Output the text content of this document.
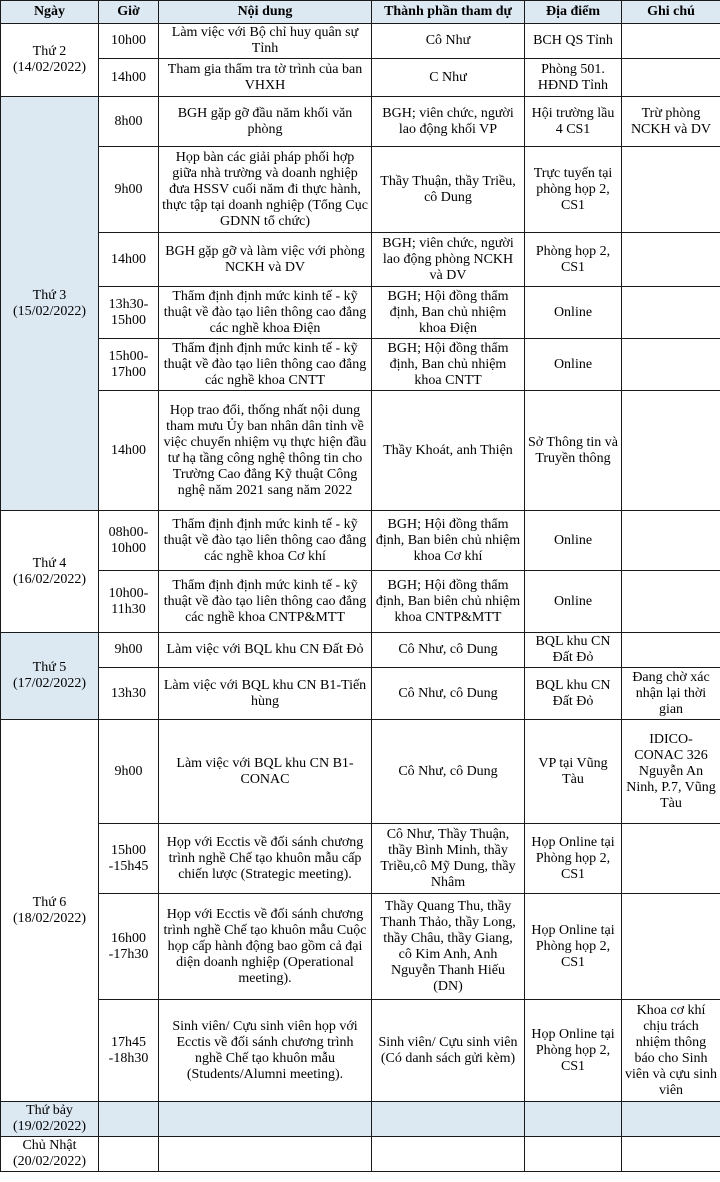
Ngày	Giờ	Nội dung	Thành phần tham dự	Địa điểm	Ghi chú

Thứ 2
(14/02/2022)	10h00	Làm việc với Bộ chỉ huy quân sự Tỉnh	Cô Như	BCH QS Tỉnh	
	14h00	Tham gia thẩm tra tờ trình của ban VHXH	C Như	Phòng 501. HĐND Tỉnh	

Thứ 3
(15/02/2022)	8h00	BGH gặp gỡ đầu năm khối văn phòng	BGH; viên chức, người lao động khối VP	Hội trường lầu 4 CS1	Trừ phòng NCKH và DV
	9h00	Họp bàn các giải pháp phối hợp giữa nhà trường và doanh nghiệp đưa HSSV cuối năm đi thực hành, thực tập tại doanh nghiệp (Tổng Cục GDNN tổ chức)	Thầy Thuận, thầy Triều, cô Dung	Trực tuyến tại phòng họp 2, CS1	
	14h00	BGH gặp gỡ và làm việc với phòng NCKH và DV	BGH; viên chức, người lao động phòng NCKH và DV	Phòng họp 2, CS1	
	13h30-15h00	Thẩm định định mức kinh tế - kỹ thuật về đào tạo liên thông cao đẳng các nghề khoa Điện	BGH; Hội đồng thẩm định, Ban chủ nhiệm khoa Điện	Online	
	15h00-17h00	Thẩm định định mức kinh tế - kỹ thuật về đào tạo liên thông cao đẳng các nghề khoa CNTT	BGH; Hội đồng thẩm định, Ban chủ nhiệm khoa CNTT	Online	
	14h00	Họp trao đổi, thống nhất nội dung tham mưu Ủy ban nhân dân tỉnh về việc chuyển nhiệm vụ thực hiện đầu tư hạ tầng công nghệ thông tin cho Trường Cao đẳng Kỹ thuật Công nghệ năm 2021 sang năm 2022	Thầy Khoát, anh Thiện	Sở Thông tin và Truyền thông	

Thứ 4
(16/02/2022)	08h00-10h00	Thẩm định định mức kinh tế - kỹ thuật về đào tạo liên thông cao đẳng các nghề khoa Cơ khí	BGH; Hội đồng thẩm định, Ban biên chủ nhiệm khoa Cơ khí	Online	
	10h00-11h30	Thẩm định định mức kinh tế - kỹ thuật về đào tạo liên thông cao đẳng các nghề khoa CNTP&MTT	BGH; Hội đồng thẩm định, Ban biên chủ nhiệm khoa CNTP&MTT	Online	

Thứ 5
(17/02/2022)	9h00	Làm việc với BQL khu CN Đất Đỏ	Cô Như, cô Dung	BQL khu CN Đất Đỏ	
	13h30	Làm việc với BQL khu CN B1-Tiến hùng	Cô Như, cô Dung	BQL khu CN Đất Đỏ	Đang chờ xác nhận lại thời gian

Thứ 6
(18/02/2022)	9h00	Làm việc với BQL khu CN B1-CONAC	Cô Như, cô Dung	VP tại Vũng Tàu	IDICO-CONAC 326 Nguyễn An Ninh, P.7, Vũng Tàu
	15h00 -15h45	Họp với Ecctis về đối sánh chương trình nghề Chế tạo khuôn mẫu cấp chiến lược (Strategic meeting).	Cô Như, Thầy Thuận, thầy Bình Minh, thầy Triều,cô Mỹ Dung, thầy Nhâm	Họp Online tại Phòng họp 2, CS1	
	16h00 -17h30	Họp với Ecctis về đối sánh chương trình nghề Chế tạo khuôn mẫu Cuộc họp cấp hành động bao gồm cả đại diện doanh nghiệp (Operational meeting).	Thầy Quang Thu, thầy Thanh Thảo, thầy Long, thầy Châu, thầy Giang, cô Kim Anh, Anh Nguyễn Thanh Hiếu (DN)	Họp Online tại Phòng họp 2, CS1	
	17h45 -18h30	Sinh viên/ Cựu sinh viên họp với Ecctis về đối sánh chương trình nghề Chế tạo khuôn mẫu (Students/Alumni meeting).	Sinh viên/ Cựu sinh viên (Có danh sách gửi kèm)	Họp Online tại Phòng họp 2, CS1	Khoa cơ khí chịu trách nhiệm thông báo cho Sinh viên và cựu sinh viên

Thứ bảy
(19/02/2022)					

Chủ Nhật
(20/02/2022)					
